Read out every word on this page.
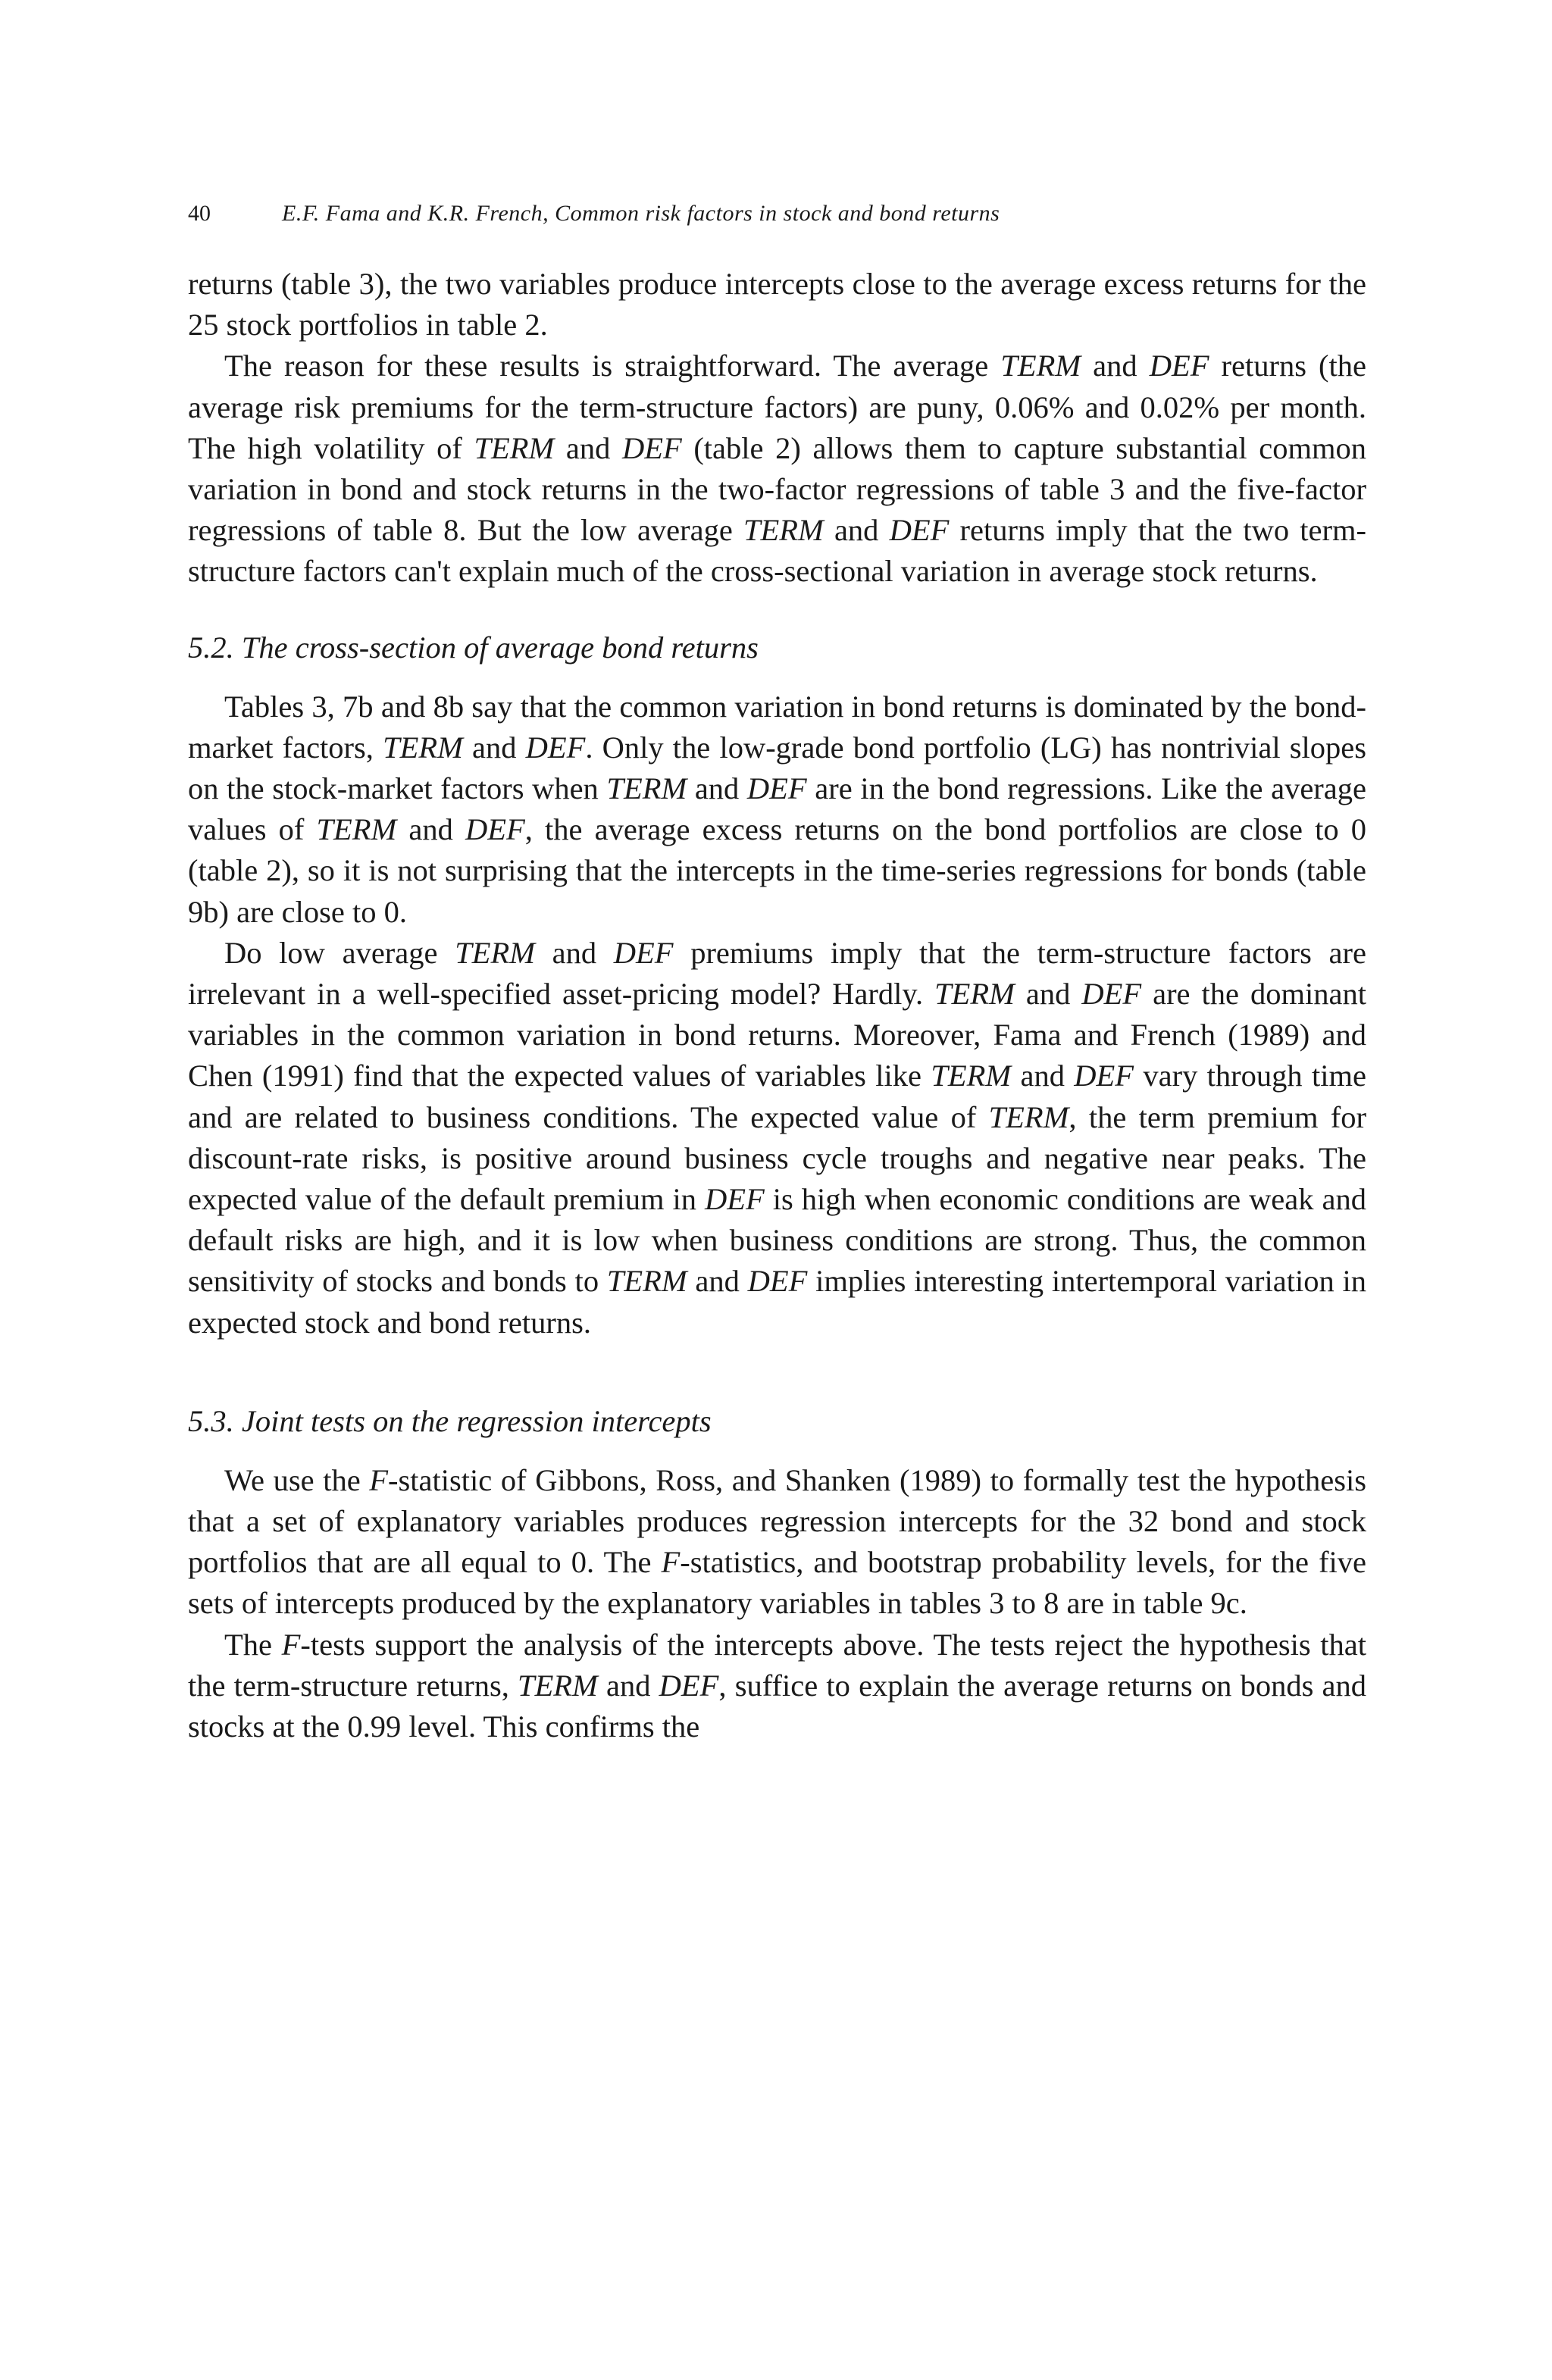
40	E.F. Fama and K.R. French, Common risk factors in stock and bond returns

returns (table 3), the two variables produce intercepts close to the average excess returns for the 25 stock portfolios in table 2.

The reason for these results is straightforward. The average TERM and DEF returns (the average risk premiums for the term-structure factors) are puny, 0.06% and 0.02% per month. The high volatility of TERM and DEF (table 2) allows them to capture substantial common variation in bond and stock returns in the two-factor regressions of table 3 and the five-factor regressions of table 8. But the low average TERM and DEF returns imply that the two term-structure factors can't explain much of the cross-sectional variation in average stock returns.

5.2. The cross-section of average bond returns

Tables 3, 7b and 8b say that the common variation in bond returns is dominated by the bond-market factors, TERM and DEF. Only the low-grade bond portfolio (LG) has nontrivial slopes on the stock-market factors when TERM and DEF are in the bond regressions. Like the average values of TERM and DEF, the average excess returns on the bond portfolios are close to 0 (table 2), so it is not surprising that the intercepts in the time-series regressions for bonds (table 9b) are close to 0.

Do low average TERM and DEF premiums imply that the term-structure factors are irrelevant in a well-specified asset-pricing model? Hardly. TERM and DEF are the dominant variables in the common variation in bond returns. Moreover, Fama and French (1989) and Chen (1991) find that the expected values of variables like TERM and DEF vary through time and are related to business conditions. The expected value of TERM, the term premium for discount-rate risks, is positive around business cycle troughs and negative near peaks. The expected value of the default premium in DEF is high when economic conditions are weak and default risks are high, and it is low when business conditions are strong. Thus, the common sensitivity of stocks and bonds to TERM and DEF implies interesting intertemporal variation in expected stock and bond returns.

5.3. Joint tests on the regression intercepts

We use the F-statistic of Gibbons, Ross, and Shanken (1989) to formally test the hypothesis that a set of explanatory variables produces regression intercepts for the 32 bond and stock portfolios that are all equal to 0. The F-statistics, and bootstrap probability levels, for the five sets of intercepts produced by the explanatory variables in tables 3 to 8 are in table 9c.

The F-tests support the analysis of the intercepts above. The tests reject the hypothesis that the term-structure returns, TERM and DEF, suffice to explain the average returns on bonds and stocks at the 0.99 level. This confirms the
